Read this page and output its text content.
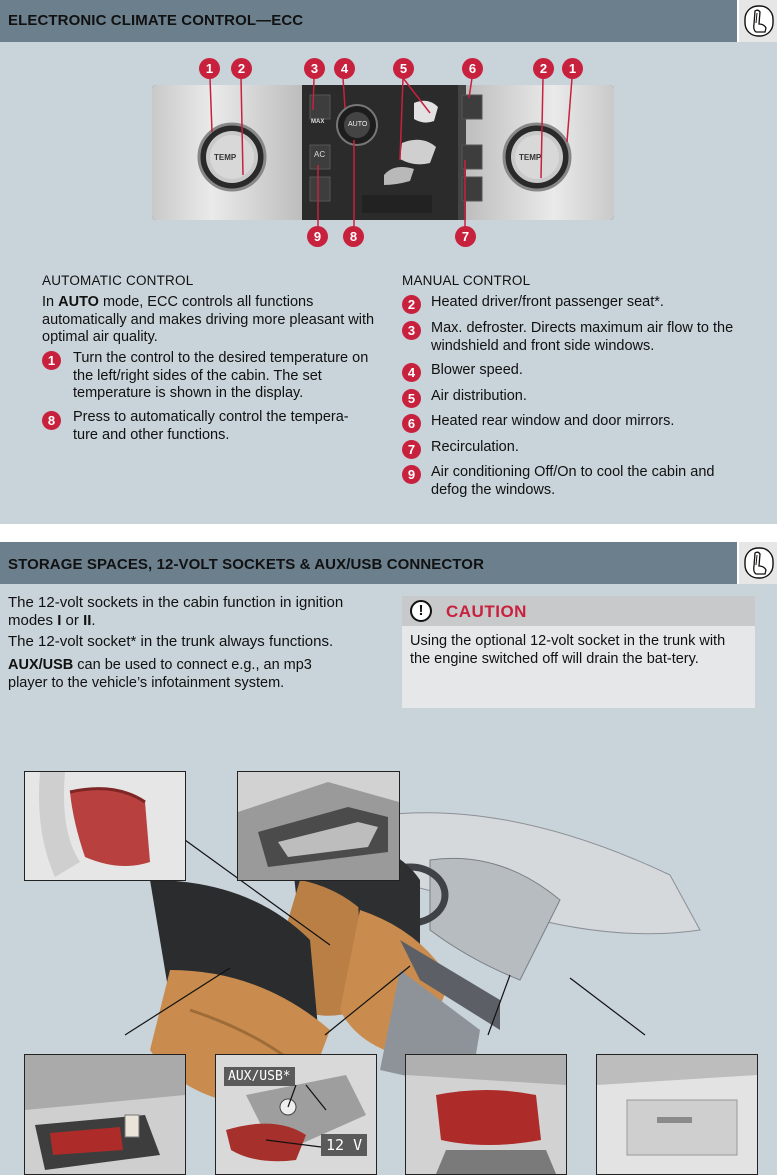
ELECTRONIC CLIMATE CONTROL—ECC
1	2	3	4	5	6	2	1
TEMP	TEMP
MAX
AC
AUTO
9	8	7
AUTOMATIC CONTROL
In AUTO mode, ECC controls all functions automatically and makes driving more pleasant with optimal air quality.
1	Turn the control to the desired temperature on the left/right sides of the cabin. The set temperature is shown in the display.
8	Press to automatically control the tempera-ture and other functions.
MANUAL CONTROL
2	Heated driver/front passenger seat*.
3	Max. defroster. Directs maximum air flow to the windshield and front side windows.
4	Blower speed.
5	Air distribution.
6	Heated rear window and door mirrors.
7	Recirculation.
9	Air conditioning Off/On to cool the cabin and defog the windows.
STORAGE SPACES, 12-VOLT SOCKETS & AUX/USB CONNECTOR
The 12-volt sockets in the cabin function in ignition modes I or II.
The 12-volt socket* in the trunk always functions.
AUX/USB can be used to connect e.g., an mp3 player to the vehicle’s infotainment system.
AUX/USB*
12 V
!	CAUTION
Using the optional 12-volt socket in the trunk with the engine switched off will drain the bat-tery.
